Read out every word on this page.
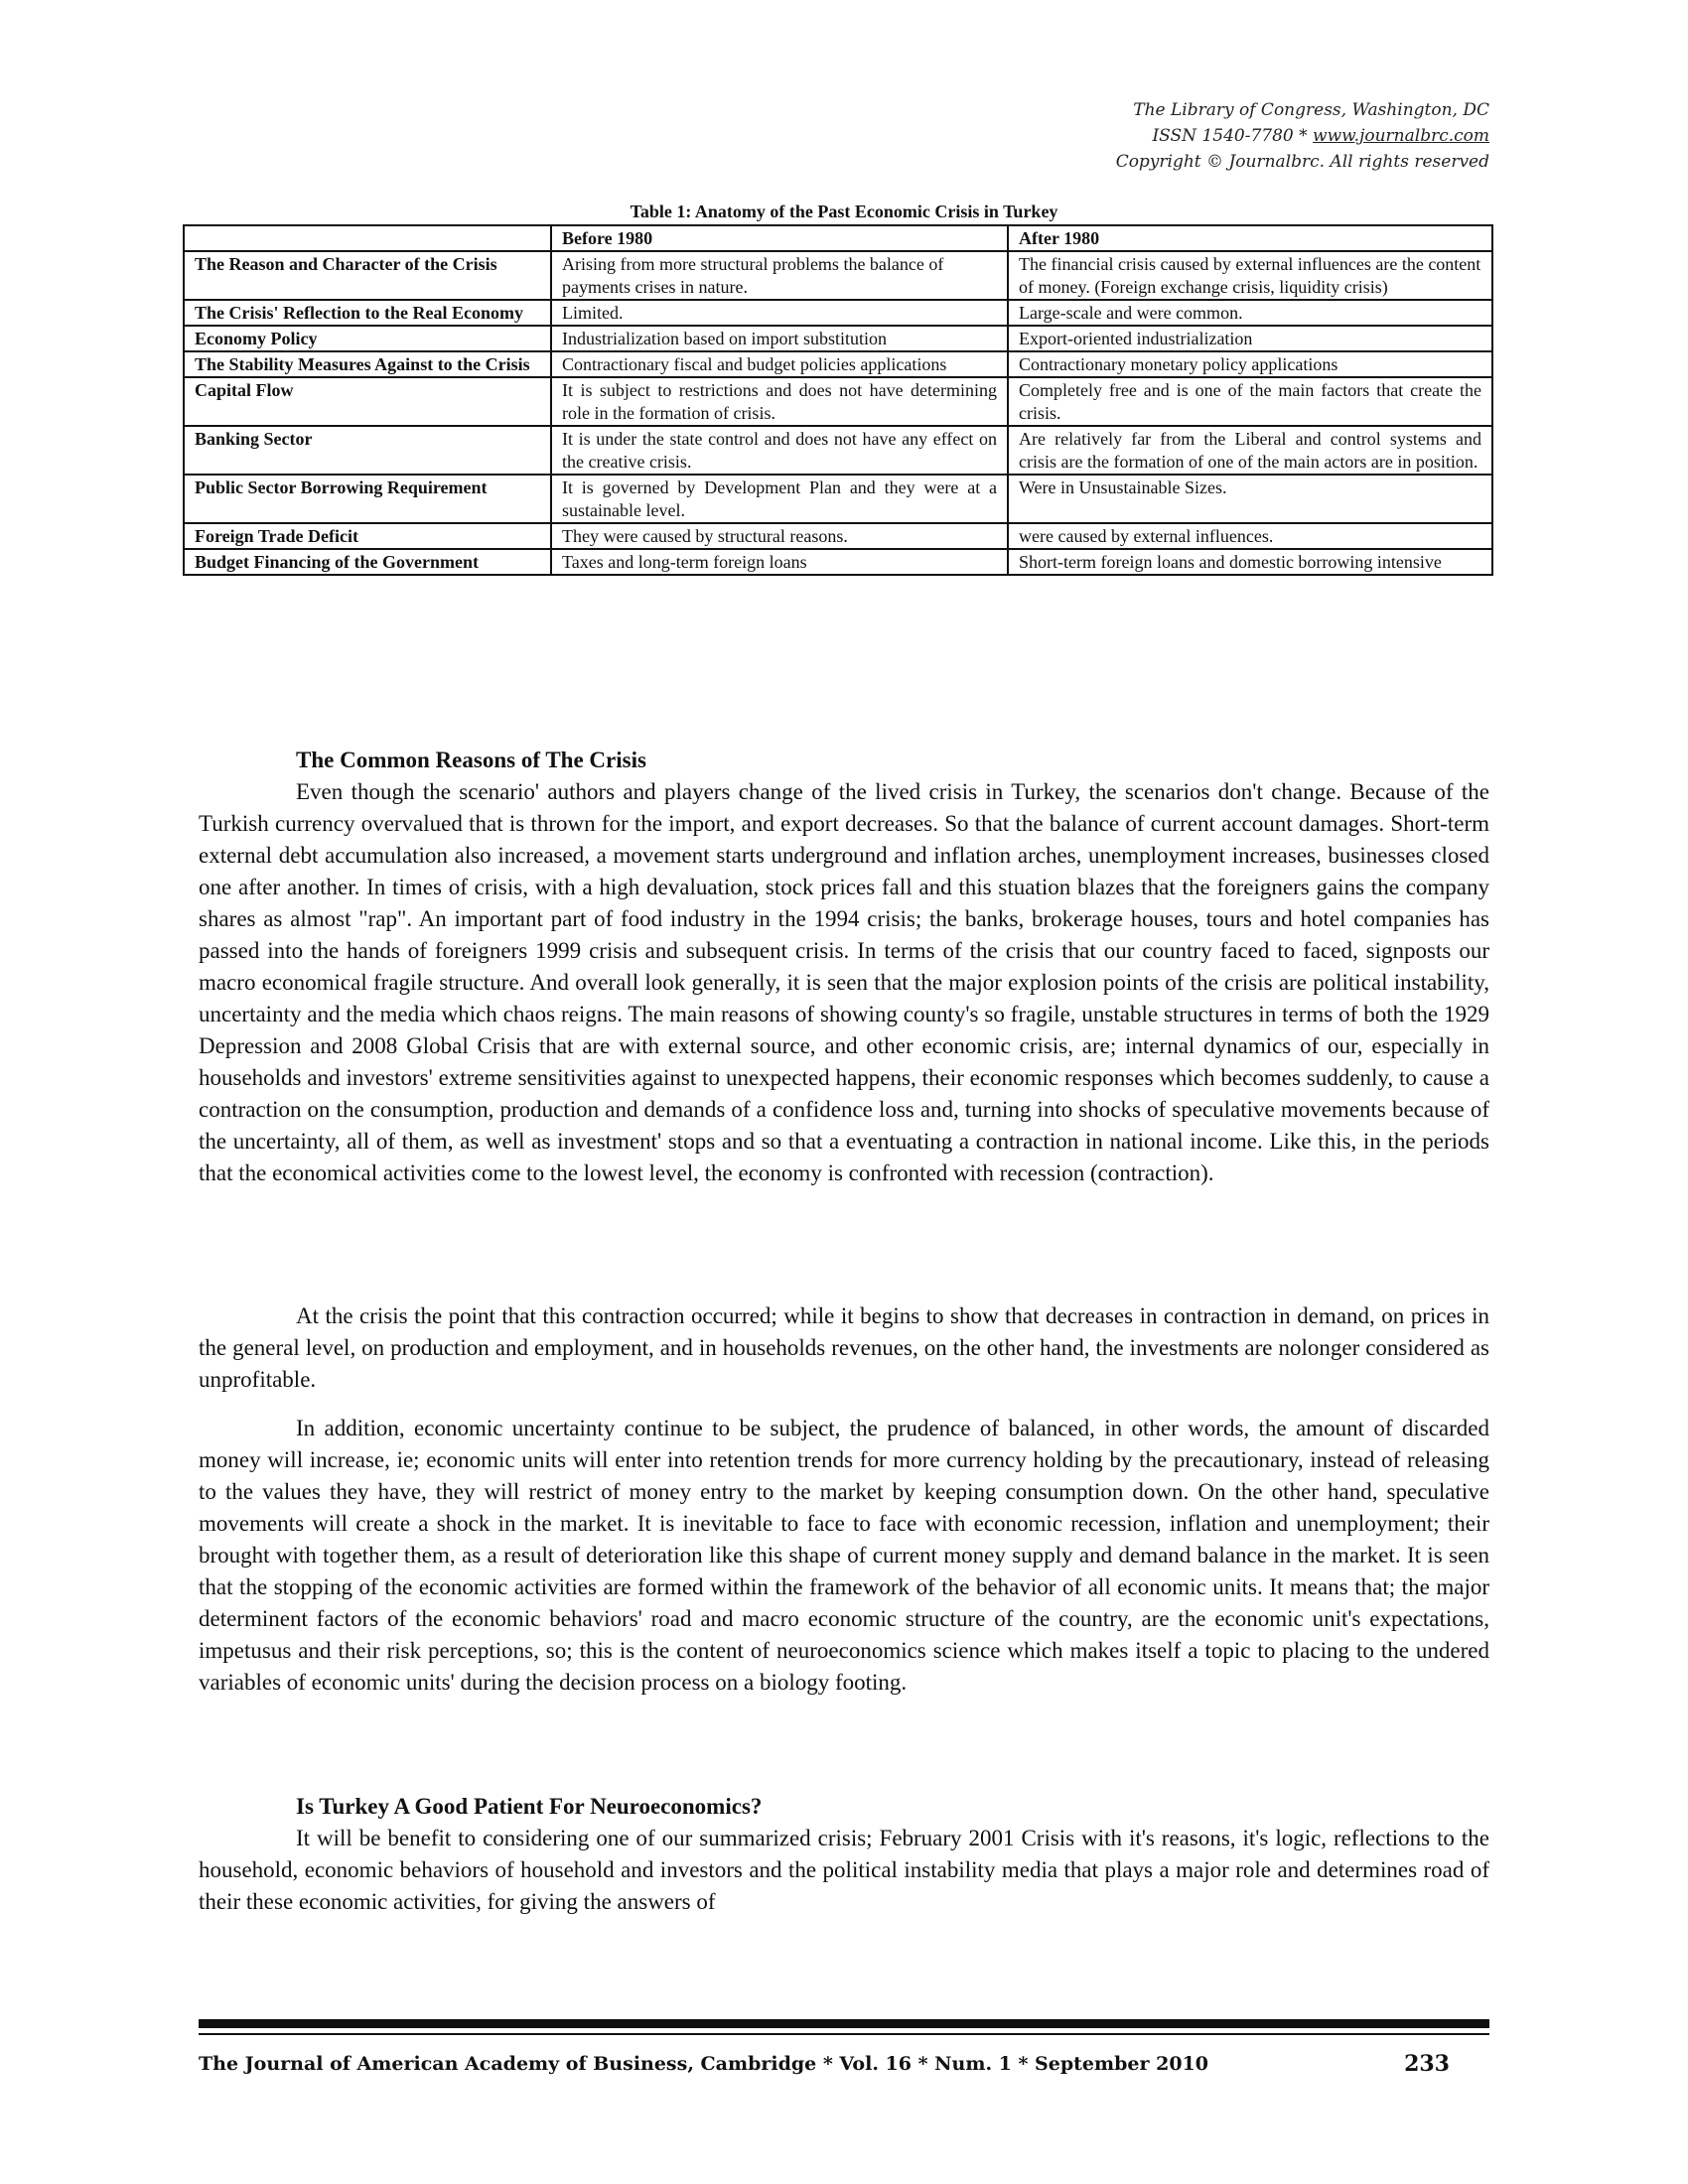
The Library of Congress, Washington, DC
ISSN 1540-7780 * www.journalbrc.com
Copyright © Journalbrc. All rights reserved
Table 1: Anatomy of the Past Economic Crisis in Turkey
	Before 1980	After 1980
The Reason and Character of the Crisis	Arising from more structural problems the balance of payments crises in nature.	The financial crisis caused by external influences are the content of money. (Foreign exchange crisis, liquidity crisis)
The Crisis' Reflection to the Real Economy	Limited.	Large-scale and were common.
Economy Policy	Industrialization based on import substitution	Export-oriented industrialization
The Stability Measures Against to the Crisis	Contractionary fiscal and budget policies applications	Contractionary monetary policy applications
Capital Flow	It is subject to restrictions and does not have determining role in the formation of crisis.	Completely free and is one of the main factors that create the crisis.
Banking Sector	It is under the state control and does not have any effect on the creative crisis.	Are relatively far from the Liberal and control systems and crisis are the formation of one of the main actors are in position.
Public Sector Borrowing Requirement	It is governed by Development Plan and they were at a sustainable level.	Were in Unsustainable Sizes.
Foreign Trade Deficit	They were caused by structural reasons.	were caused by external influences.
Budget Financing of the Government	Taxes and long-term foreign loans	Short-term foreign loans and domestic borrowing intensive

The Common Reasons of The Crisis

Even though the scenario' authors and players change of the lived crisis in Turkey, the scenarios don't change. Because of the Turkish currency overvalued that is thrown for the import, and export decreases. So that the balance of current account damages. Short-term external debt accumulation also increased, a movement starts underground and inflation arches, unemployment increases, businesses closed one after another. In times of crisis, with a high devaluation, stock prices fall and this stuation blazes that the foreigners gains the company shares as almost "rap". An important part of food industry in the 1994 crisis; the banks, brokerage houses, tours and hotel companies has passed into the hands of foreigners 1999 crisis and subsequent crisis. In terms of the crisis that our country faced to faced, signposts our macro economical fragile structure. And overall look generally, it is seen that the major explosion points of the crisis are political instability, uncertainty and the media which chaos reigns. The main reasons of showing county's so fragile, unstable structures in terms of both the 1929 Depression and 2008 Global Crisis that are with external source, and other economic crisis, are; internal dynamics of our, especially in households and investors' extreme sensitivities against to unexpected happens, their economic responses which becomes suddenly, to cause a contraction on the consumption, production and demands of a confidence loss and, turning into shocks of speculative movements because of the uncertainty, all of them, as well as investment' stops and so that a eventuating a contraction in national income. Like this, in the periods that the economical activities come to the lowest level, the economy is confronted with recession (contraction).

At the crisis the point that this contraction occurred; while it begins to show that decreases in contraction in demand, on prices in the general level, on production and employment, and in households revenues, on the other hand, the investments are nolonger considered as unprofitable.

In addition, economic uncertainty continue to be subject, the prudence of balanced, in other words, the amount of discarded money will increase, ie; economic units will enter into retention trends for more currency holding by the precautionary, instead of releasing to the values they have, they will restrict of money entry to the market by keeping consumption down. On the other hand, speculative movements will create a shock in the market. It is inevitable to face to face with economic recession, inflation and unemployment; their brought with together them, as a result of deterioration like this shape of current money supply and demand balance in the market. It is seen that the stopping of the economic activities are formed within the framework of the behavior of all economic units. It means that; the major determinent factors of the economic behaviors' road and macro economic structure of the country, are the economic unit's expectations, impetusus and their risk perceptions, so; this is the content of neuroeconomics science which makes itself a topic to placing to the undered variables of economic units' during the decision process on a biology footing.

Is Turkey A Good Patient For Neuroeconomics?

It will be benefit to considering one of our summarized crisis; February 2001 Crisis with it's reasons, it's logic, reflections to the household, economic behaviors of household and investors and the political instability media that plays a major role and determines road of their these economic activities, for giving the answers of

The Journal of American Academy of Business, Cambridge * Vol. 16 * Num. 1 * September 2010	233
